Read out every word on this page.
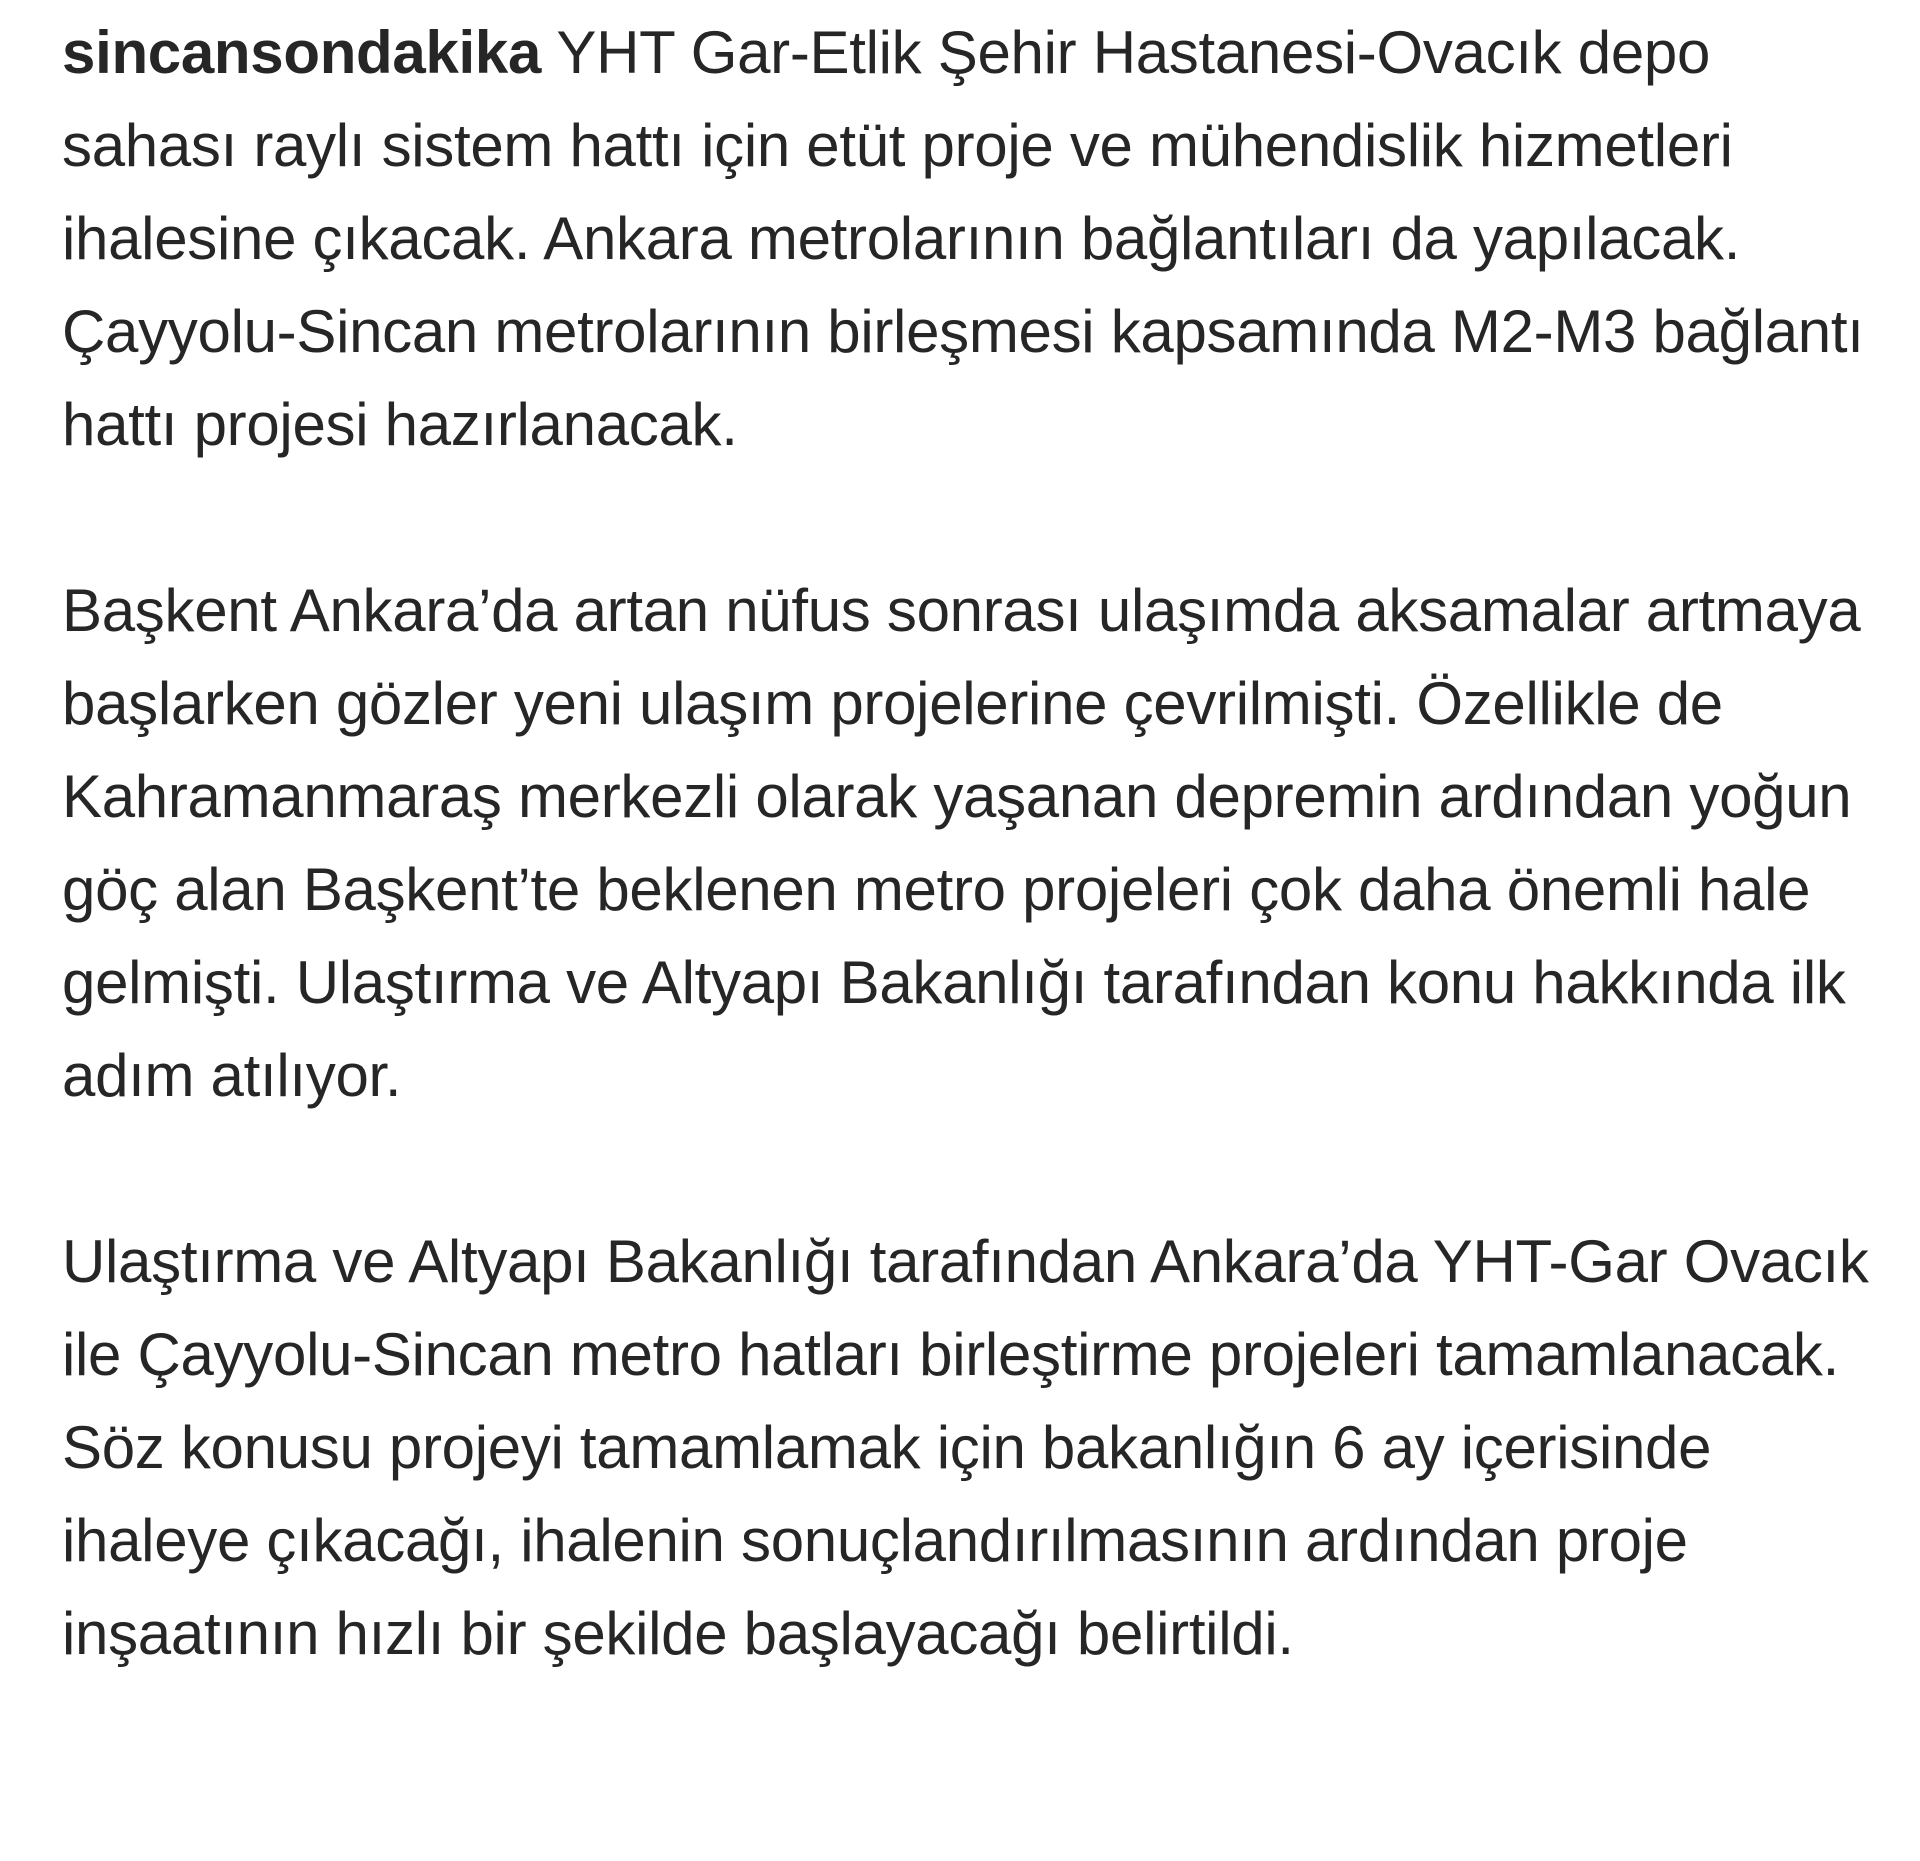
sincansondakika YHT Gar-Etlik Şehir Hastanesi-Ovacık depo sahası raylı sistem hattı için etüt proje ve mühendislik hizmetleri ihalesine çıkacak. Ankara metrolarının bağlantıları da yapılacak. Çayyolu-Sincan metrolarının birleşmesi kapsamında M2-M3 bağlantı hattı projesi hazırlanacak.

Başkent Ankara’da artan nüfus sonrası ulaşımda aksamalar artmaya başlarken gözler yeni ulaşım projelerine çevrilmişti. Özellikle de Kahramanmaraş merkezli olarak yaşanan depremin ardından yoğun göç alan Başkent’te beklenen metro projeleri çok daha önemli hale gelmişti. Ulaştırma ve Altyapı Bakanlığı tarafından konu hakkında ilk adım atılıyor.

Ulaştırma ve Altyapı Bakanlığı tarafından Ankara’da YHT-Gar Ovacık ile Çayyolu-Sincan metro hatları birleştirme projeleri tamamlanacak. Söz konusu projeyi tamamlamak için bakanlığın 6 ay içerisinde ihaleye çıkacağı, ihalenin sonuçlandırılmasının ardından proje inşaatının hızlı bir şekilde başlayacağı belirtildi.
